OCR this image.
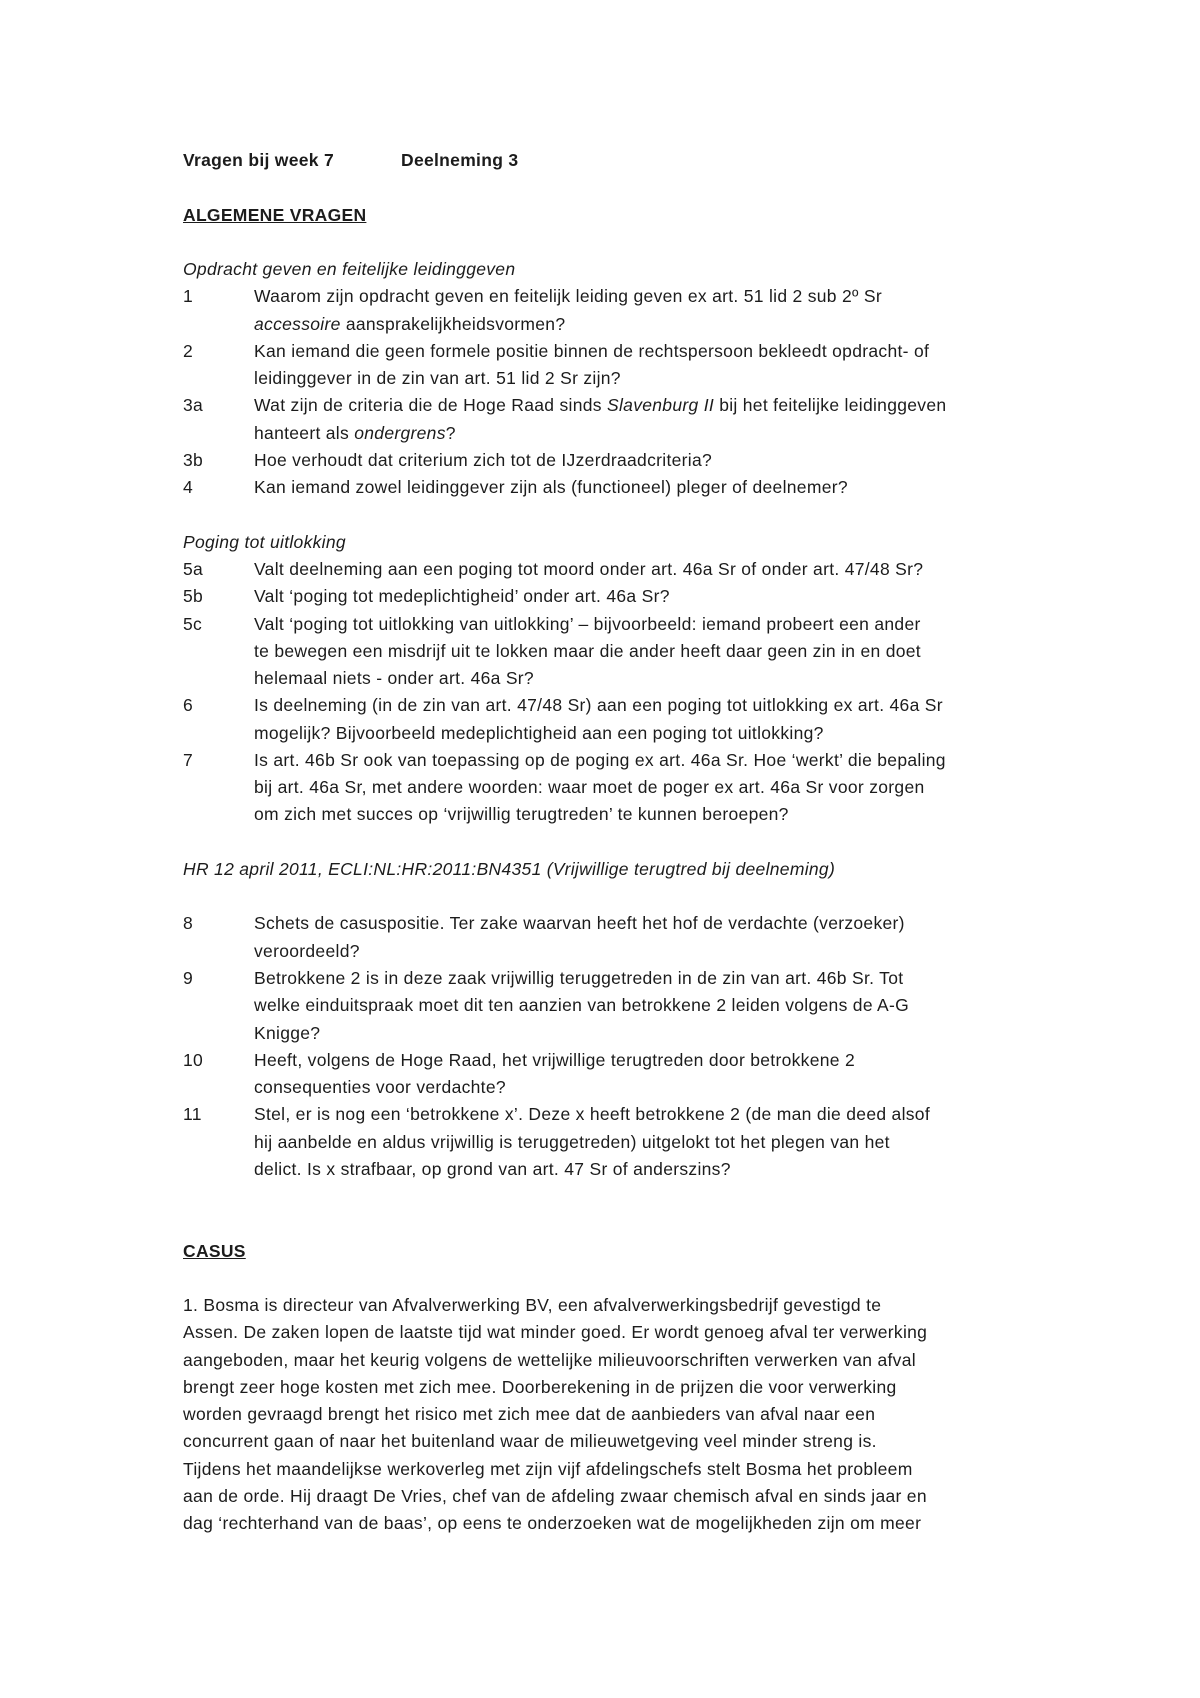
Vragen bij week 7	Deelneming 3
ALGEMENE VRAGEN
Opdracht geven en feitelijke leidinggeven
1	Waarom zijn opdracht geven en feitelijk leiding geven ex art. 51 lid 2 sub 2º Sr
accessoire aansprakelijkheidsvormen?
2	Kan iemand die geen formele positie binnen de rechtspersoon bekleedt opdracht- of
leidinggever in de zin van art. 51 lid 2 Sr zijn?
3a	Wat zijn de criteria die de Hoge Raad sinds Slavenburg II bij het feitelijke leidinggeven
hanteert als ondergrens?
3b	Hoe verhoudt dat criterium zich tot de IJzerdraadcriteria?
4	Kan iemand zowel leidinggever zijn als (functioneel) pleger of deelnemer?
Poging tot uitlokking
5a	Valt deelneming aan een poging tot moord onder art. 46a Sr of onder art. 47/48 Sr?
5b	Valt ‘poging tot medeplichtigheid’ onder art. 46a Sr?
5c	Valt ‘poging tot uitlokking van uitlokking’ – bijvoorbeeld: iemand probeert een ander
te bewegen een misdrijf uit te lokken maar die ander heeft daar geen zin in en doet
helemaal niets - onder art. 46a Sr?
6	Is deelneming (in de zin van art. 47/48 Sr) aan een poging tot uitlokking ex art. 46a Sr
mogelijk? Bijvoorbeeld medeplichtigheid aan een poging tot uitlokking?
7	Is art. 46b Sr ook van toepassing op de poging ex art. 46a Sr. Hoe ‘werkt’ die bepaling
bij art. 46a Sr, met andere woorden: waar moet de poger ex art. 46a Sr voor zorgen
om zich met succes op ‘vrijwillig terugtreden’ te kunnen beroepen?
HR 12 april 2011, ECLI:NL:HR:2011:BN4351 (Vrijwillige terugtred bij deelneming)
8	Schets de casuspositie. Ter zake waarvan heeft het hof de verdachte (verzoeker)
veroordeeld?
9	Betrokkene 2 is in deze zaak vrijwillig teruggetreden in de zin van art. 46b Sr. Tot
welke einduitspraak moet dit ten aanzien van betrokkene 2 leiden volgens de A-G
Knigge?
10	Heeft, volgens de Hoge Raad, het vrijwillige terugtreden door betrokkene 2
consequenties voor verdachte?
11	Stel, er is nog een ‘betrokkene x’. Deze x heeft betrokkene 2 (de man die deed alsof
hij aanbelde en aldus vrijwillig is teruggetreden) uitgelokt tot het plegen van het
delict. Is x strafbaar, op grond van art. 47 Sr of anderszins?
CASUS
1. Bosma is directeur van Afvalverwerking BV, een afvalverwerkingsbedrijf gevestigd te
Assen. De zaken lopen de laatste tijd wat minder goed. Er wordt genoeg afval ter verwerking
aangeboden, maar het keurig volgens de wettelijke milieuvoorschriften verwerken van afval
brengt zeer hoge kosten met zich mee. Doorberekening in de prijzen die voor verwerking
worden gevraagd brengt het risico met zich mee dat de aanbieders van afval naar een
concurrent gaan of naar het buitenland waar de milieuwetgeving veel minder streng is.
Tijdens het maandelijkse werkoverleg met zijn vijf afdelingschefs stelt Bosma het probleem
aan de orde. Hij draagt De Vries, chef van de afdeling zwaar chemisch afval en sinds jaar en
dag ‘rechterhand van de baas’, op eens te onderzoeken wat de mogelijkheden zijn om meer
